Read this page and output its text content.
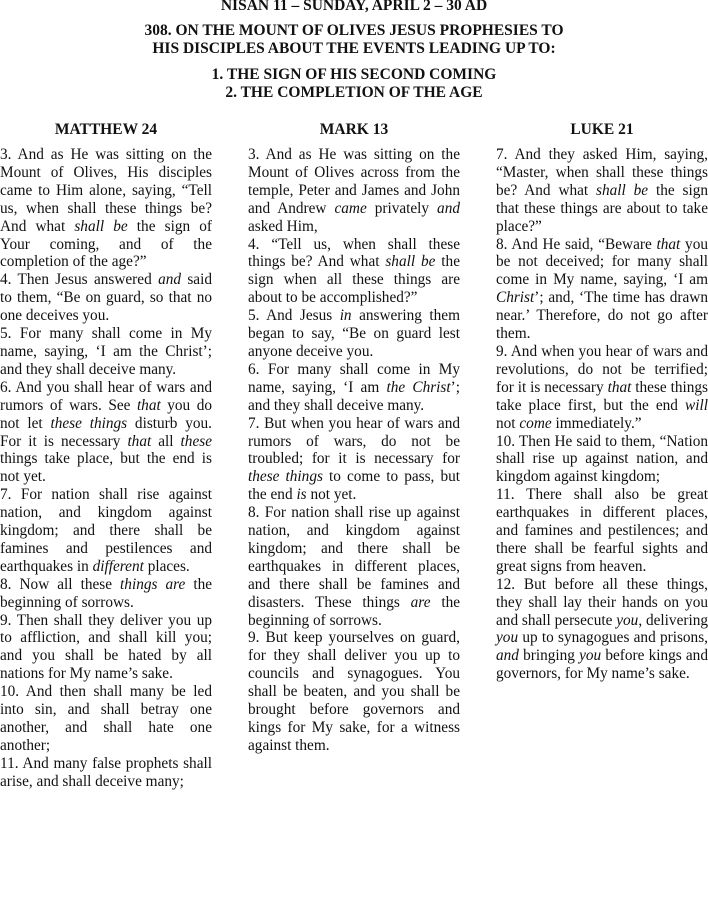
NISAN 11 – SUNDAY, APRIL 2 – 30 AD
308. ON THE MOUNT OF OLIVES JESUS PROPHESIES TO
HIS DISCIPLES ABOUT THE EVENTS LEADING UP TO:
1. THE SIGN OF HIS SECOND COMING
2. THE COMPLETION OF THE AGE
MATTHEW 24	MARK 13	LUKE 21

3. And as He was sitting on the Mount of Olives, His disciples came to Him alone, saying, “Tell us, when shall these things be? And what shall be the sign of Your coming, and of the completion of the age?”

4. Then Jesus answered and said to them, “Be on guard, so that no one deceives you.

5. For many shall come in My name, saying, ‘I am the Christ’; and they shall deceive many.

6. And you shall hear of wars and rumors of wars. See that you do not let these things disturb you. For it is necessary that all these things take place, but the end is not yet.

7. For nation shall rise against nation, and kingdom against kingdom; and there shall be famines and pestilences and earthquakes in different places.

8. Now all these things are the beginning of sorrows.

9. Then shall they deliver you up to affliction, and shall kill you; and you shall be hated by all nations for My name’s sake.

10. And then shall many be led into sin, and shall betray one another, and shall hate one another;

11. And many false prophets shall arise, and shall deceive many;

3. And as He was sitting on the Mount of Olives across from the temple, Peter and James and John and Andrew came privately and asked Him,

4. “Tell us, when shall these things be? And what shall be the sign when all these things are about to be accomplished?”

5. And Jesus in answering them began to say, “Be on guard lest anyone deceive you.

6. For many shall come in My name, saying, ‘I am the Christ’; and they shall deceive many.

7. But when you hear of wars and rumors of wars, do not be troubled; for it is necessary for these things to come to pass, but the end is not yet.

8. For nation shall rise up against nation, and kingdom against kingdom; and there shall be earthquakes in different places, and there shall be famines and disasters. These things are the beginning of sorrows.

9. But keep yourselves on guard, for they shall deliver you up to councils and synagogues. You shall be beaten, and you shall be brought before governors and kings for My sake, for a witness against them.

7. And they asked Him, saying, “Master, when shall these things be? And what shall be the sign that these things are about to take place?”

8. And He said, “Beware that you be not deceived; for many shall come in My name, saying, ‘I am Christ’; and, ‘The time has drawn near.’ Therefore, do not go after them.

9. And when you hear of wars and revolutions, do not be terrified; for it is necessary that these things take place first, but the end will not come immediately.”

10. Then He said to them, “Nation shall rise up against nation, and kingdom against kingdom;

11. There shall also be great earthquakes in different places, and famines and pestilences; and there shall be fearful sights and great signs from heaven.

12. But before all these things, they shall lay their hands on you and shall persecute you, delivering you up to synagogues and prisons, and bringing you before kings and governors, for My name’s sake.
